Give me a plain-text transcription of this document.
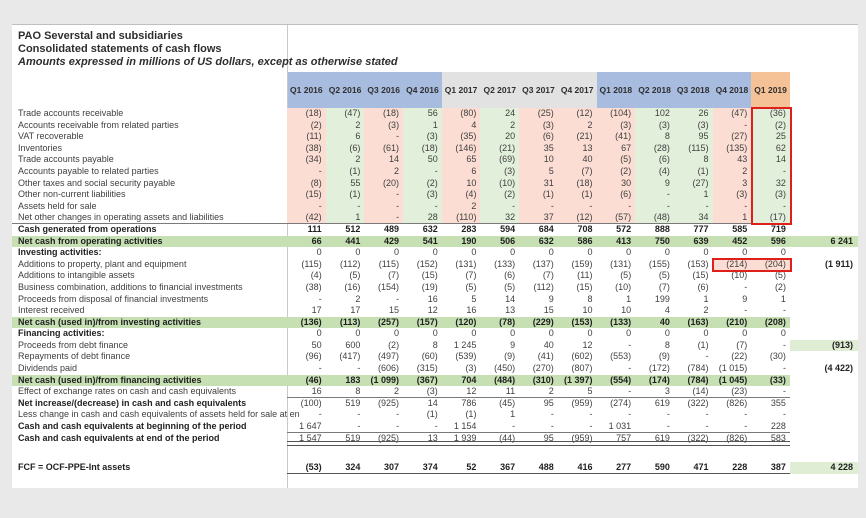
PAO Severstal and subsidiaries
Consolidated statements of cash flows
Amounts expressed in millions of US dollars, except as otherwise stated
Q1 2016 Q2 2016 Q3 2016 Q4 2016 Q1 2017 Q2 2017 Q3 2017 Q4 2017 Q1 2018 Q2 2018 Q3 2018 Q4 2018 Q1 2019
Trade accounts receivable	(18)	(47)	(18)	56	(80)	24	(25)	(12)	(104)	102	26	(47)	(36)
Accounts receivable from related parties	(2)	2	(3)	1	4	2	(3)	2	(3)	(3)	(3)	-	(2)
VAT recoverable	(11)	6	-	(3)	(35)	20	(6)	(21)	(41)	8	95	(27)	25
Inventories	(38)	(6)	(61)	(18)	(146)	(21)	35	13	67	(28)	(115)	(135)	62
Trade accounts payable	(34)	2	14	50	65	(69)	10	40	(5)	(6)	8	43	14
Accounts payable to related parties	-	(1)	2	-	6	(3)	5	(7)	(2)	(4)	(1)	2	-
Other taxes and social security payable	(8)	55	(20)	(2)	10	(10)	31	(18)	30	9	(27)	3	32
Other non-current liabilities	(15)	(1)	-	(3)	(4)	(2)	(1)	(1)	(6)	-	1	(3)	(3)
Assets held for sale	-	-	-	-	2	-	-	-	-	-	-	-	-
Net other changes in operating assets and liabilities	(42)	1	-	28	(110)	32	37	(12)	(57)	(48)	34	1	(17)
Cash generated from operations	111	512	489	632	283	594	684	708	572	888	777	585	719
Net cash from operating activities	66	441	429	541	190	506	632	586	413	750	639	452	596	6 241
Investing activities:	0	0	0	0	0	0	0	0	0	0	0	0	0
Additions to property, plant and equipment	(115)	(112)	(115)	(152)	(131)	(133)	(137)	(159)	(131)	(155)	(153)	(214)	(204)	(1 911)
Additions to intangible assets	(4)	(5)	(7)	(15)	(7)	(6)	(7)	(11)	(5)	(5)	(15)	(10)	(5)
Business combination, additions to financial investments	(38)	(16)	(154)	(19)	(5)	(5)	(112)	(15)	(10)	(7)	(6)	-	(2)
Proceeds from disposal of financial investments	-	2	-	16	5	14	9	8	1	199	1	9	1
Interest received	17	17	15	12	16	13	15	10	10	4	2	-	-
Net cash (used in)/from investing activities	(136)	(113)	(257)	(157)	(120)	(78)	(229)	(153)	(133)	40	(163)	(210)	(208)
Financing activities:	0	0	0	0	0	0	0	0	0	0	0	0	0
Proceeds from debt finance	50	600	(2)	8	1 245	9	40	12	-	8	(1)	(7)	-	(913)
Repayments of debt finance	(96)	(417)	(497)	(60)	(539)	(9)	(41)	(602)	(553)	(9)	-	(22)	(30)
Dividends paid	-	-	(606)	(315)	(3)	(450)	(270)	(807)	-	(172)	(784)	(1 015)	-	(4 422)
Net cash (used in)/from financing activities	(46)	183	(1 099)	(367)	704	(484)	(310)	(1 397)	(554)	(174)	(784)	(1 045)	(33)
Effect of exchange rates on cash and cash equivalents	16	8	2	(3)	12	11	2	5	-	3	(14)	(23)	-
Net increase/(decrease) in cash and cash equivalents	(100)	519	(925)	14	786	(45)	95	(959)	(274)	619	(322)	(826)	355
Less change in cash and cash equivalents of assets held for sale at en	-	-	-	(1)	(1)	1	-	-	-	-	-	-	-
Cash and cash equivalents at beginning of the period	1 647	-	-	-	1 154	-	-	-	1 031	-	-	-	228
Cash and cash equivalents at end of the period	1 547	519	(925)	13	1 939	(44)	95	(959)	757	619	(322)	(826)	583
FCF = OCF-PPE-Int assets	(53)	324	307	374	52	367	488	416	277	590	471	228	387	4 228
